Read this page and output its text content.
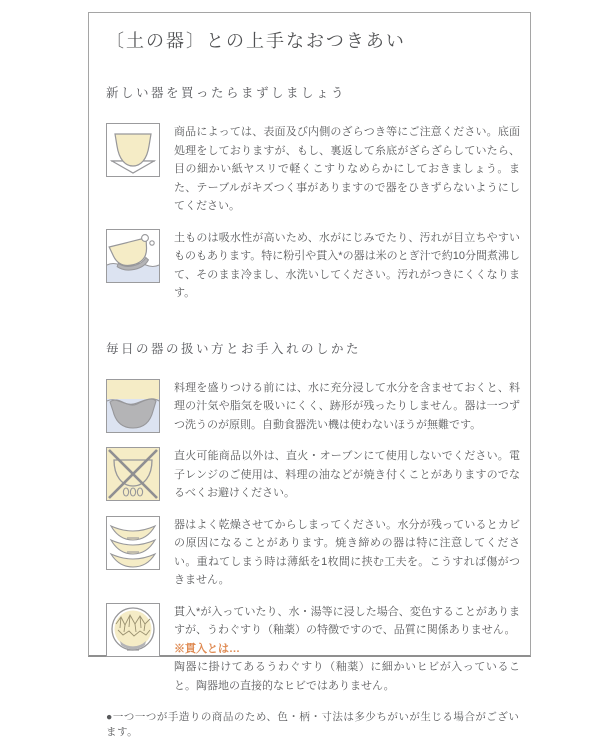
〔土の器〕との上手なおつきあい
新しい器を買ったらまずしましょう

商品によっては、表面及び内側のざらつき等にご注意ください。底面処理をしておりますが、もし、裏返して糸底がざらざらしていたら、目の細かい紙ヤスリで軽くこすりなめらかにしておきましょう。また、テーブルがキズつく事がありますので器をひきずらないようにしてください。

土ものは吸水性が高いため、水がにじみでたり、汚れが目立ちやすいものもあります。特に粉引や貫入*の器は米のとぎ汁で約10分間煮沸して、そのまま冷まし、水洗いしてください。汚れがつきにくくなります。

毎日の器の扱い方とお手入れのしかた

料理を盛りつける前には、水に充分浸して水分を含ませておくと、料理の汁気や脂気を吸いにくく、跡形が残ったりしません。器は一つずつ洗うのが原則。自動食器洗い機は使わないほうが無難です。

直火可能商品以外は、直火・オーブンにて使用しないでください。電子レンジのご使用は、料理の油などが焼き付くことがありますのでなるべくお避けください。

器はよく乾燥させてからしまってください。水分が残っているとカビの原因になることがあります。焼き締めの器は特に注意してください。重ねてしまう時は薄紙を1枚間に挟む工夫を。こうすれば傷がつきません。

貫入*が入っていたり、水・湯等に浸した場合、変色することがありますが、うわぐすり（釉薬）の特徴ですので、品質に関係ありません。

※貫入とは…

陶器に掛けてあるうわぐすり（釉薬）に細かいヒビが入っていること。陶器地の直接的なヒビではありません。

●一つ一つが手造りの商品のため、色・柄・寸法は多少ちがいが生じる場合がございます。
